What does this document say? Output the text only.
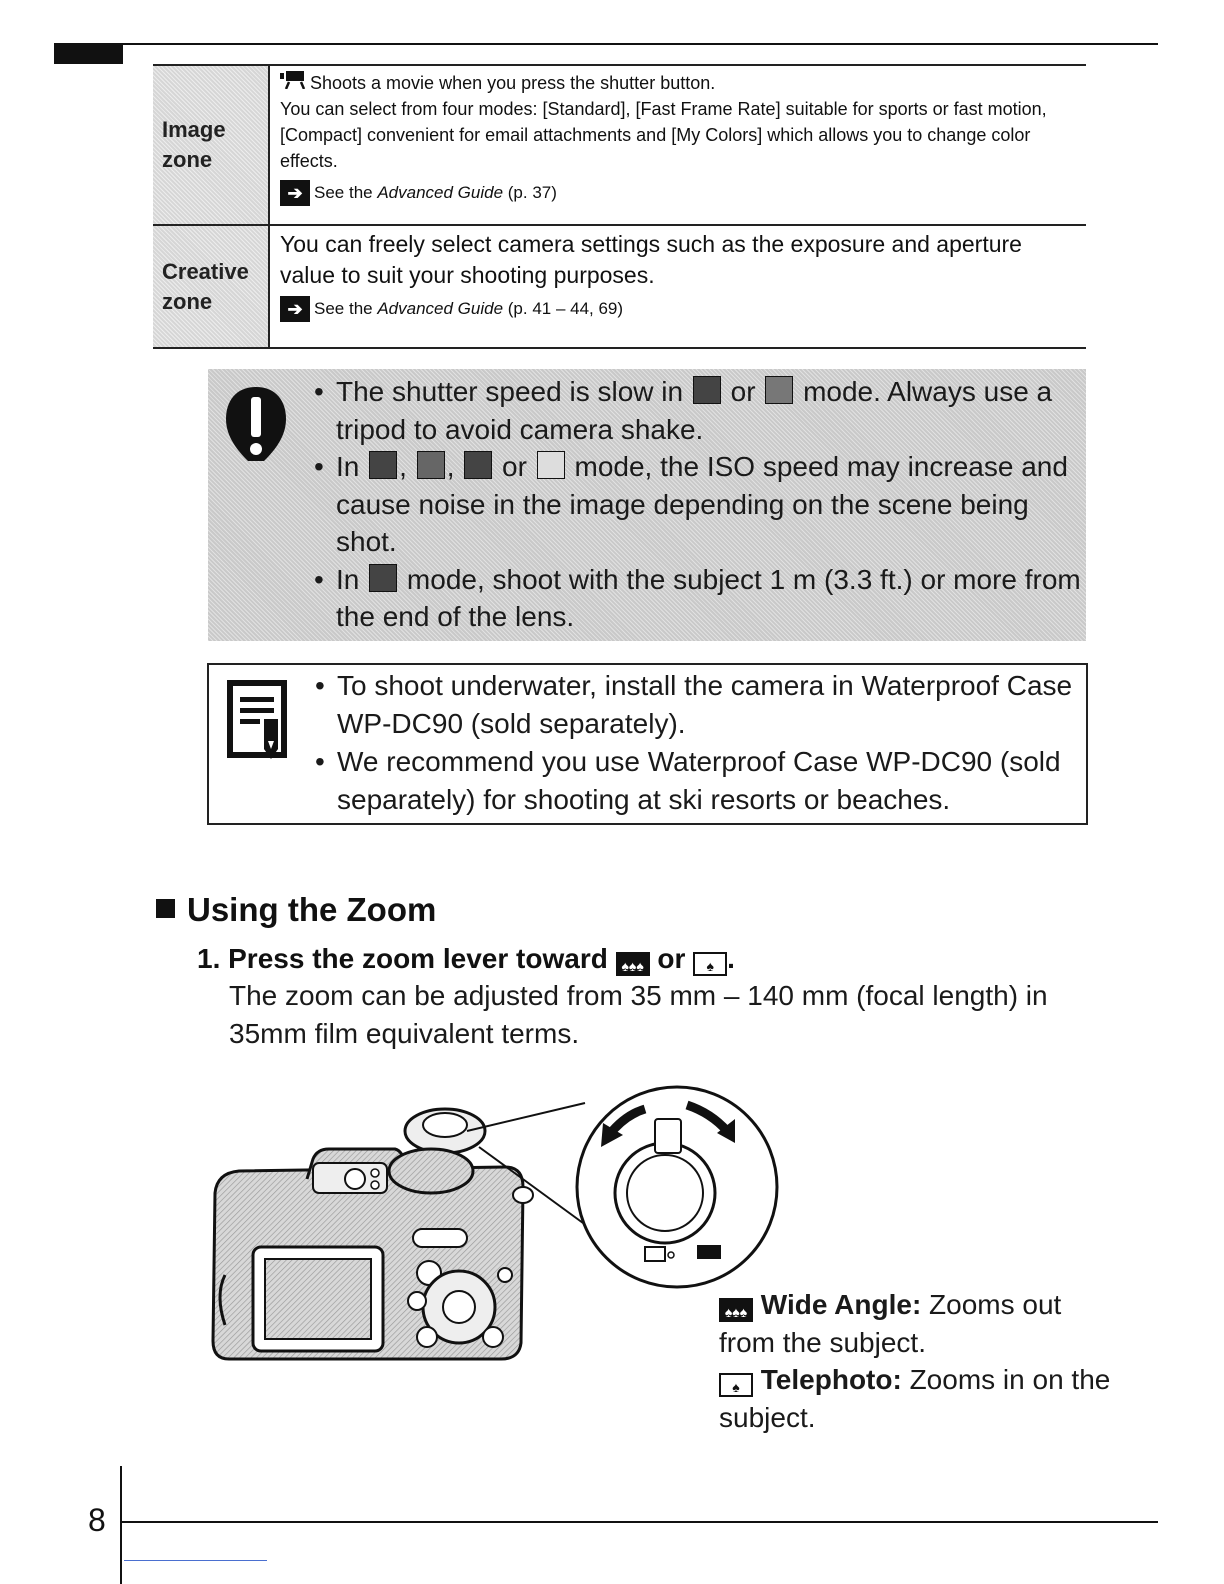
Image zone
Shoots a movie when you press the shutter button.
You can select from four modes: [Standard], [Fast Frame Rate] suitable for sports or fast motion, [Compact] convenient for email attachments and [My Colors] which allows you to change color effects.
➔ See the Advanced Guide (p. 37)
Creative zone
You can freely select camera settings such as the exposure and aperture value to suit your shooting purposes.
➔ See the Advanced Guide (p. 41 – 44, 69)
• The shutter speed is slow in  or  mode. Always use a tripod to avoid camera shake.
• In , ,  or  mode, the ISO speed may increase and cause noise in the image depending on the scene being shot.
• In  mode, shoot with the subject 1 m (3.3 ft.) or more from the end of the lens.
• To shoot underwater, install the camera in Waterproof Case WP-DC90 (sold separately).
• We recommend you use Waterproof Case WP-DC90 (sold separately) for shooting at ski resorts or beaches.
Using the Zoom
1. Press the zoom lever toward ♠♠♠ or ♠ .
The zoom can be adjusted from 35 mm – 140 mm (focal length) in 35mm film equivalent terms.
♠♠♠ Wide Angle: Zooms out from the subject.
♠ Telephoto: Zooms in on the subject.
8
